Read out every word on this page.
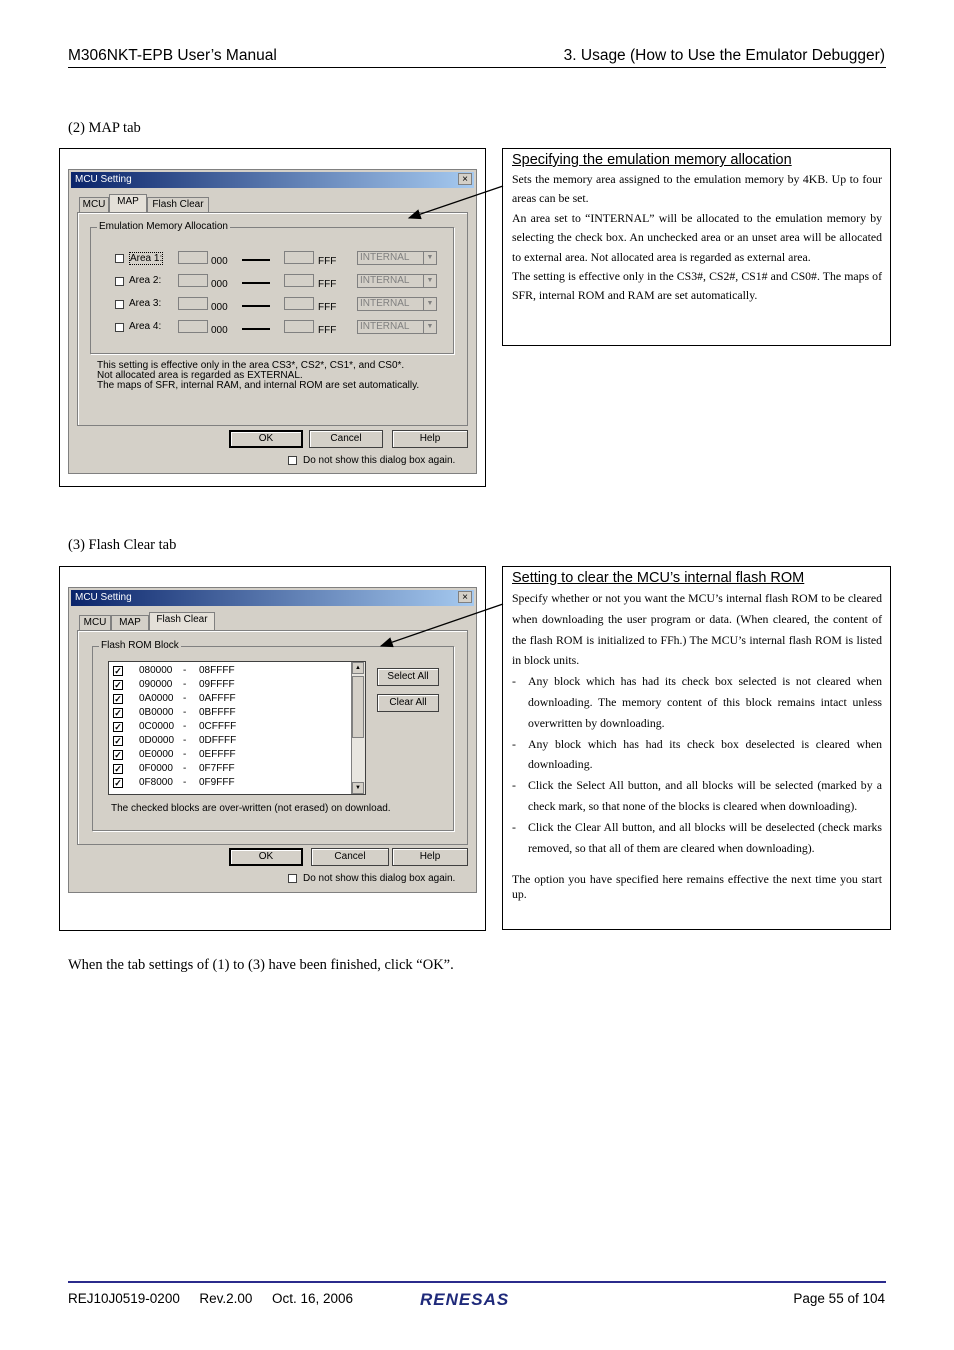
M306NKT-EPB User’s Manual	3. Usage (How to Use the Emulator Debugger)
(2) MAP tab
MCU Setting	×
MCU	MAP	Flash Clear
Emulation Memory Allocation
Area 1:	000	FFF	INTERNAL	▼
Area 2:	000	FFF	INTERNAL	▼
Area 3:	000	FFF	INTERNAL	▼
Area 4:	000	FFF	INTERNAL	▼
This setting is effective only in the area CS3*, CS2*, CS1*, and CS0*.
Not allocated area is regarded as EXTERNAL.
The maps of SFR, internal RAM, and internal ROM are set automatically.
OK	Cancel	Help
Do not show this dialog box again.
Specifying the emulation memory allocation

Sets the memory area assigned to the emulation memory by 4KB. Up to four areas can be set.

An area set to “INTERNAL” will be allocated to the emulation memory by selecting the check box. An unchecked area or an unset area will be allocated to external area. Not allocated area is regarded as external area.

The setting is effective only in the CS3#, CS2#, CS1# and CS0#. The maps of SFR, internal ROM and RAM are set automatically.

(3) Flash Clear tab
MCU Setting	×
MCU	MAP	Flash Clear
Flash ROM Block
✓ 080000 - 08FFFF
✓ 090000 - 09FFFF
✓ 0A0000 - 0AFFFF
✓ 0B0000 - 0BFFFF
✓ 0C0000 - 0CFFFF
✓ 0D0000 - 0DFFFF
✓ 0E0000 - 0EFFFF
✓ 0F0000 - 0F7FFF
✓ 0F8000 - 0F9FFF
▲
▼
Select All
Clear All
The checked blocks are over-written (not erased) on download.
OK	Cancel	Help
Do not show this dialog box again.
Setting to clear the MCU’s internal flash ROM

Specify whether or not you want the MCU’s internal flash ROM to be cleared when downloading the user program or data. (When cleared, the content of the flash ROM is initialized to FFh.) The MCU’s internal flash ROM is listed in block units.

- Any block which has had its check box selected is not cleared when downloading. The memory content of this block remains intact unless overwritten by downloading.
- Any block which has had its check box deselected is cleared when downloading.
- Click the Select All button, and all blocks will be selected (marked by a check mark, so that none of the blocks is cleared when downloading).
- Click the Clear All button, and all blocks will be deselected (check marks removed, so that all of them are cleared when downloading).

The option you have specified here remains effective the next time you start up.

When the tab settings of (1) to (3) have been finished, click “OK”.
REJ10J0519-0200 Rev.2.00 Oct. 16, 2006	RENESAS	Page 55 of 104
